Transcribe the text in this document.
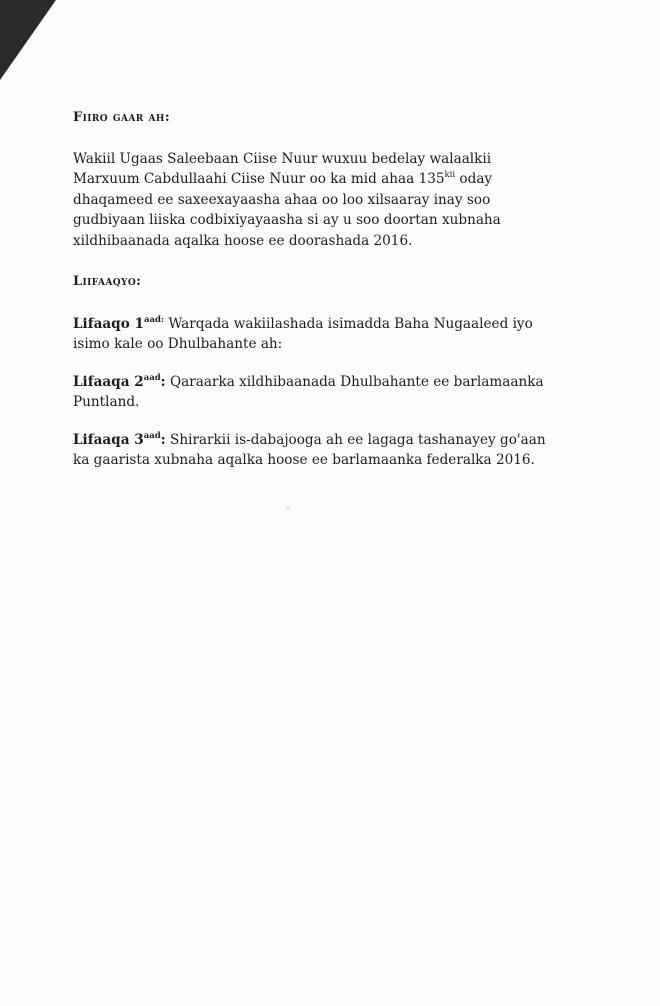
Fiiro gaar ah:

Wakiil Ugaas Saleebaan Ciise Nuur wuxuu bedelay walaalkii Marxuum Cabdullaahi Ciise Nuur oo ka mid ahaa $135^{kii}$ oday dhaqameed ee saxeexayaasha ahaa oo loo xilsaaray inay soo gudbiyaan liiska codbixiyayaasha si ay u soo doortan xubnaha xildhibaanada aqalka hoose ee doorashada 2016.

Liifaaqyo:

Lifaaqo $1^{aad:}$ Warqada wakiilashada isimadda Baha Nugaaleed iyo isimo kale oo Dhulbahante ah:

Lifaaqa $2^{aad}$: Qaraarka xildhibaanada Dhulbahante ee barlamaanka Puntland.

Lifaaqa $3^{aad}$: Shirarkii is-dabajooga ah ee lagaga tashanayey go'aan ka gaarista xubnaha aqalka hoose ee barlamaanka federalka 2016.
